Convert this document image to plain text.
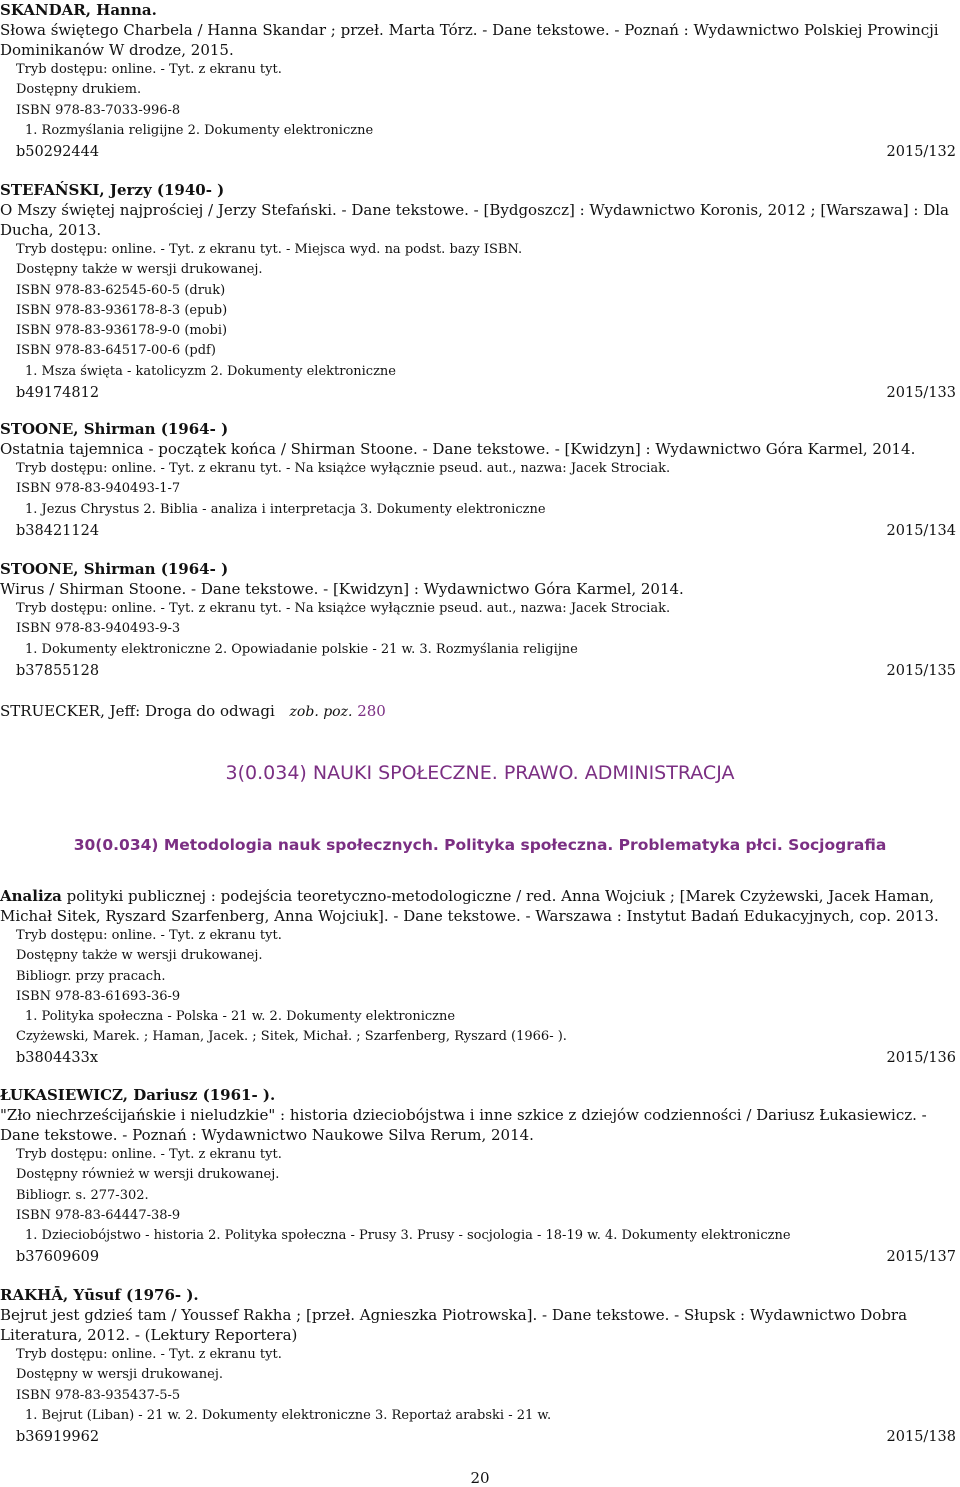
SKANDAR, Hanna.

Słowa świętego Charbela / Hanna Skandar ; przeł. Marta Tórz. - Dane tekstowe. - Poznań : Wydawnictwo Polskiej Prowincji Dominikanów W drodze, 2015.

Tryb dostępu: online. - Tyt. z ekranu tyt.

Dostępny drukiem.

ISBN 978-83-7033-996-8

1. Rozmyślania religijne 2. Dokumenty elektroniczne

b50292444	2015/132

STEFAŃSKI, Jerzy (1940- )

O Mszy świętej najprościej / Jerzy Stefański. - Dane tekstowe. - [Bydgoszcz] : Wydawnictwo Koronis, 2012 ; [Warszawa] : Dla Ducha, 2013.

Tryb dostępu: online. - Tyt. z ekranu tyt. - Miejsca wyd. na podst. bazy ISBN.

Dostępny także w wersji drukowanej.

ISBN 978-83-62545-60-5 (druk)

ISBN 978-83-936178-8-3 (epub)

ISBN 978-83-936178-9-0 (mobi)

ISBN 978-83-64517-00-6 (pdf)

1. Msza święta - katolicyzm 2. Dokumenty elektroniczne

b49174812	2015/133

STOONE, Shirman (1964- )

Ostatnia tajemnica - początek końca / Shirman Stoone. - Dane tekstowe. - [Kwidzyn] : Wydawnictwo Góra Karmel, 2014.

Tryb dostępu: online. - Tyt. z ekranu tyt. - Na książce wyłącznie pseud. aut., nazwa: Jacek Strociak.

ISBN 978-83-940493-1-7

1. Jezus Chrystus 2. Biblia - analiza i interpretacja 3. Dokumenty elektroniczne

b38421124	2015/134

STOONE, Shirman (1964- )

Wirus / Shirman Stoone. - Dane tekstowe. - [Kwidzyn] : Wydawnictwo Góra Karmel, 2014.

Tryb dostępu: online. - Tyt. z ekranu tyt. - Na książce wyłącznie pseud. aut., nazwa: Jacek Strociak.

ISBN 978-83-940493-9-3

1. Dokumenty elektroniczne 2. Opowiadanie polskie - 21 w. 3. Rozmyślania religijne

b37855128	2015/135

STRUECKER, Jeff: Droga do odwagi zob. poz. 280

3(0.034) NAUKI SPOŁECZNE. PRAWO. ADMINISTRACJA

30(0.034) Metodologia nauk społecznych. Polityka społeczna. Problematyka płci. Socjografia

Analiza polityki publicznej : podejścia teoretyczno-metodologiczne / red. Anna Wojciuk ; [Marek Czyżewski, Jacek Haman, Michał Sitek, Ryszard Szarfenberg, Anna Wojciuk]. - Dane tekstowe. - Warszawa : Instytut Badań Edukacyjnych, cop. 2013.

Tryb dostępu: online. - Tyt. z ekranu tyt.

Dostępny także w wersji drukowanej.

Bibliogr. przy pracach.

ISBN 978-83-61693-36-9

1. Polityka społeczna - Polska - 21 w. 2. Dokumenty elektroniczne

Czyżewski, Marek. ; Haman, Jacek. ; Sitek, Michał. ; Szarfenberg, Ryszard (1966- ).

b3804433x	2015/136

ŁUKASIEWICZ, Dariusz (1961- ).

"Zło niechrześcijańskie i nieludzkie" : historia dzieciobójstwa i inne szkice z dziejów codzienności / Dariusz Łukasiewicz. - Dane tekstowe. - Poznań : Wydawnictwo Naukowe Silva Rerum, 2014.

Tryb dostępu: online. - Tyt. z ekranu tyt.

Dostępny również w wersji drukowanej.

Bibliogr. s. 277-302.

ISBN 978-83-64447-38-9

1. Dzieciobójstwo - historia 2. Polityka społeczna - Prusy 3. Prusy - socjologia - 18-19 w. 4. Dokumenty elektroniczne

b37609609	2015/137

RAKHĀ, Yūsuf (1976- ).

Bejrut jest gdzieś tam / Youssef Rakha ; [przeł. Agnieszka Piotrowska]. - Dane tekstowe. - Słupsk : Wydawnictwo Dobra Literatura, 2012. - (Lektury Reportera)

Tryb dostępu: online. - Tyt. z ekranu tyt.

Dostępny w wersji drukowanej.

ISBN 978-83-935437-5-5

1. Bejrut (Liban) - 21 w. 2. Dokumenty elektroniczne 3. Reportaż arabski - 21 w.

b36919962	2015/138
20
